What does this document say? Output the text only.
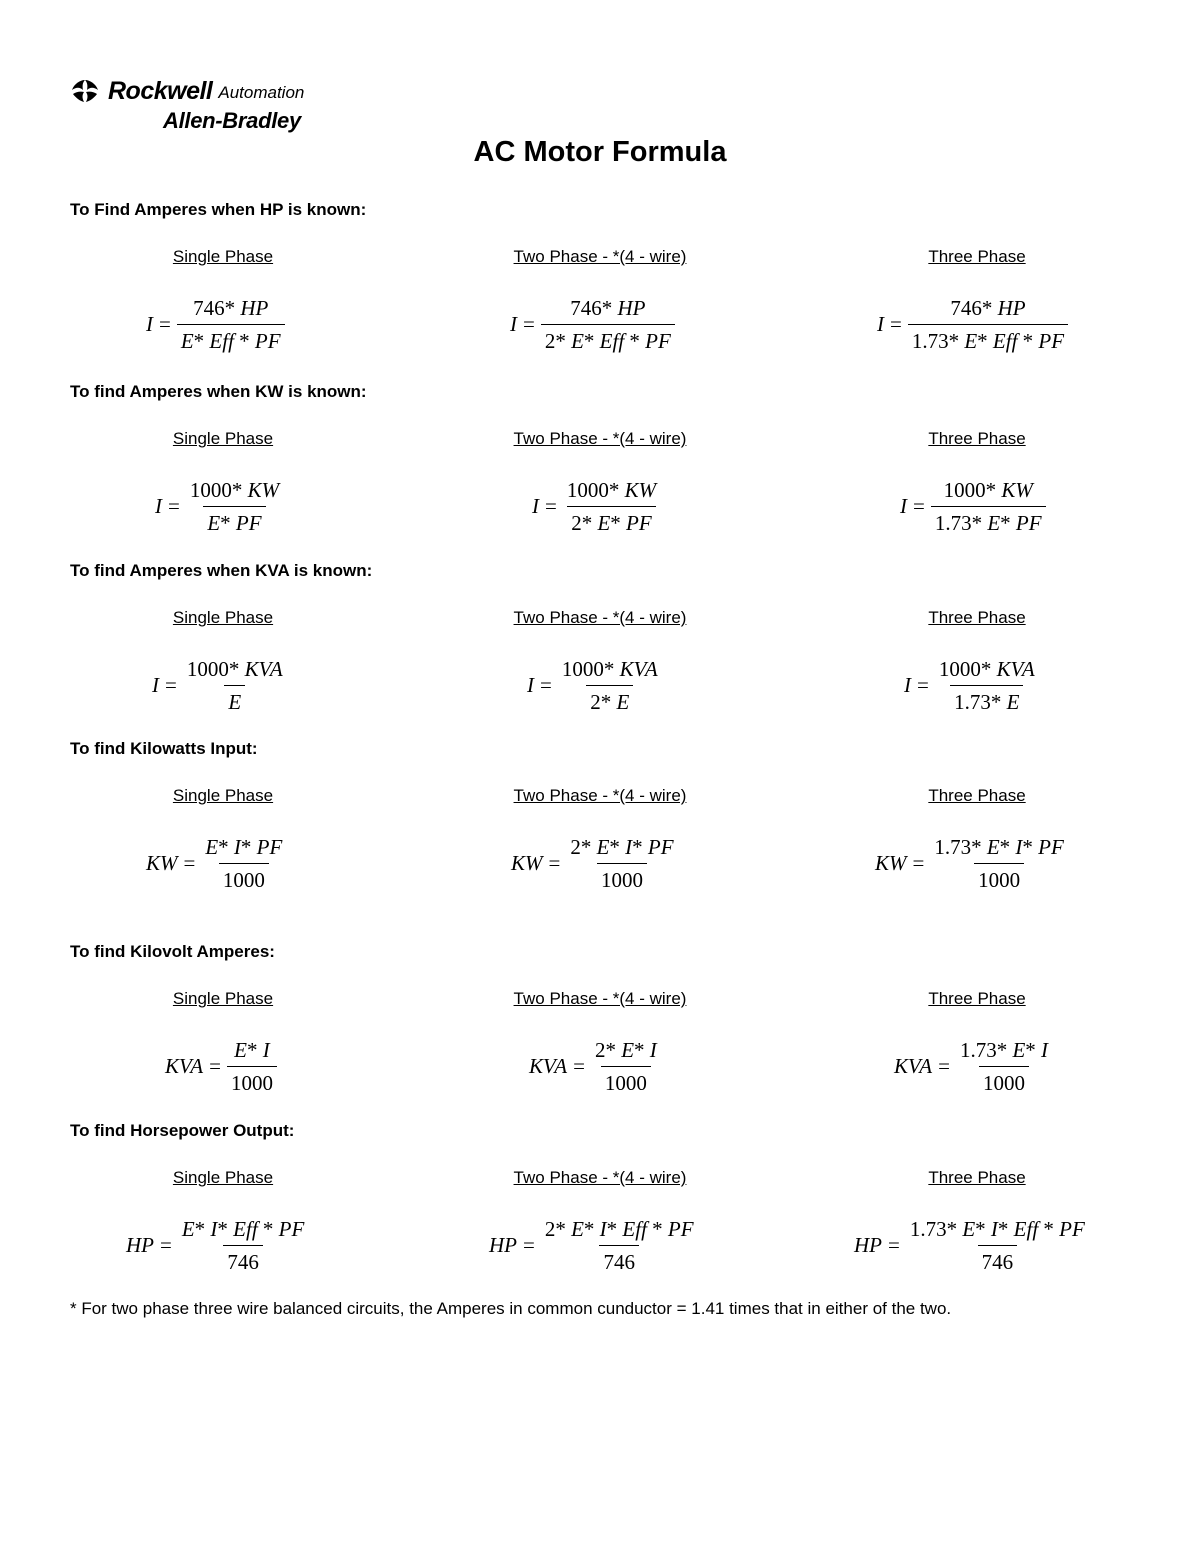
Rockwell Automation
Allen-Bradley
AC Motor Formula
To Find Amperes when HP is known:
Single Phase
$I = \frac{746* HP}{\text{E* Eff * PF}}$
Two Phase - *(4 - wire)
$I = \frac{746* HP}{\text{2* E* Eff * PF}}$
Three Phase
$I = \frac{746* HP}{\text{1.73* E* Eff * PF}}$
To find Amperes when KW is known:
Single Phase
$I = \frac{1000* KW}{E* PF}$
Two Phase - *(4 - wire)
$I = \frac{1000* KW}{2* E* PF}$
Three Phase
$I = \frac{1000* KW}{1.73* E* PF}$
To find Amperes when KVA is known:
Single Phase
$I = \frac{\text{1000* KVA}}{E}$
Two Phase - *(4 - wire)
$I = \frac{\text{1000* KVA}}{2* E}$
Three Phase
$I = \frac{\text{1000* KVA}}{1.73* E}$
To find Kilowatts Input:
Single Phase
KW = $\frac{E* I* PF}{1000}$
Two Phase - *(4 - wire)
KW = $\frac{2* E* I* PF}{1000}$
Three Phase
KW = $\frac{1.73* E* I* PF}{1000}$
To find Kilovolt Amperes:
Single Phase
KVA = $\frac{E* I}{1000}$
Two Phase - *(4 - wire)
KVA = $\frac{2* E* I}{1000}$
Three Phase
KVA = $\frac{1.73* E* I}{1000}$
To find Horsepower Output:
Single Phase
HP = $\frac{\text{E* I* Eff * PF}}{746}$
Two Phase - *(4 - wire)
HP = $\frac{\text{2* E* I* Eff * PF}}{746}$
Three Phase
HP = $\frac{\text{1.73* E* I* Eff * PF}}{746}$
* For two phase three wire balanced circuits, the Amperes in common cunductor = 1.41 times that in either of the two.
